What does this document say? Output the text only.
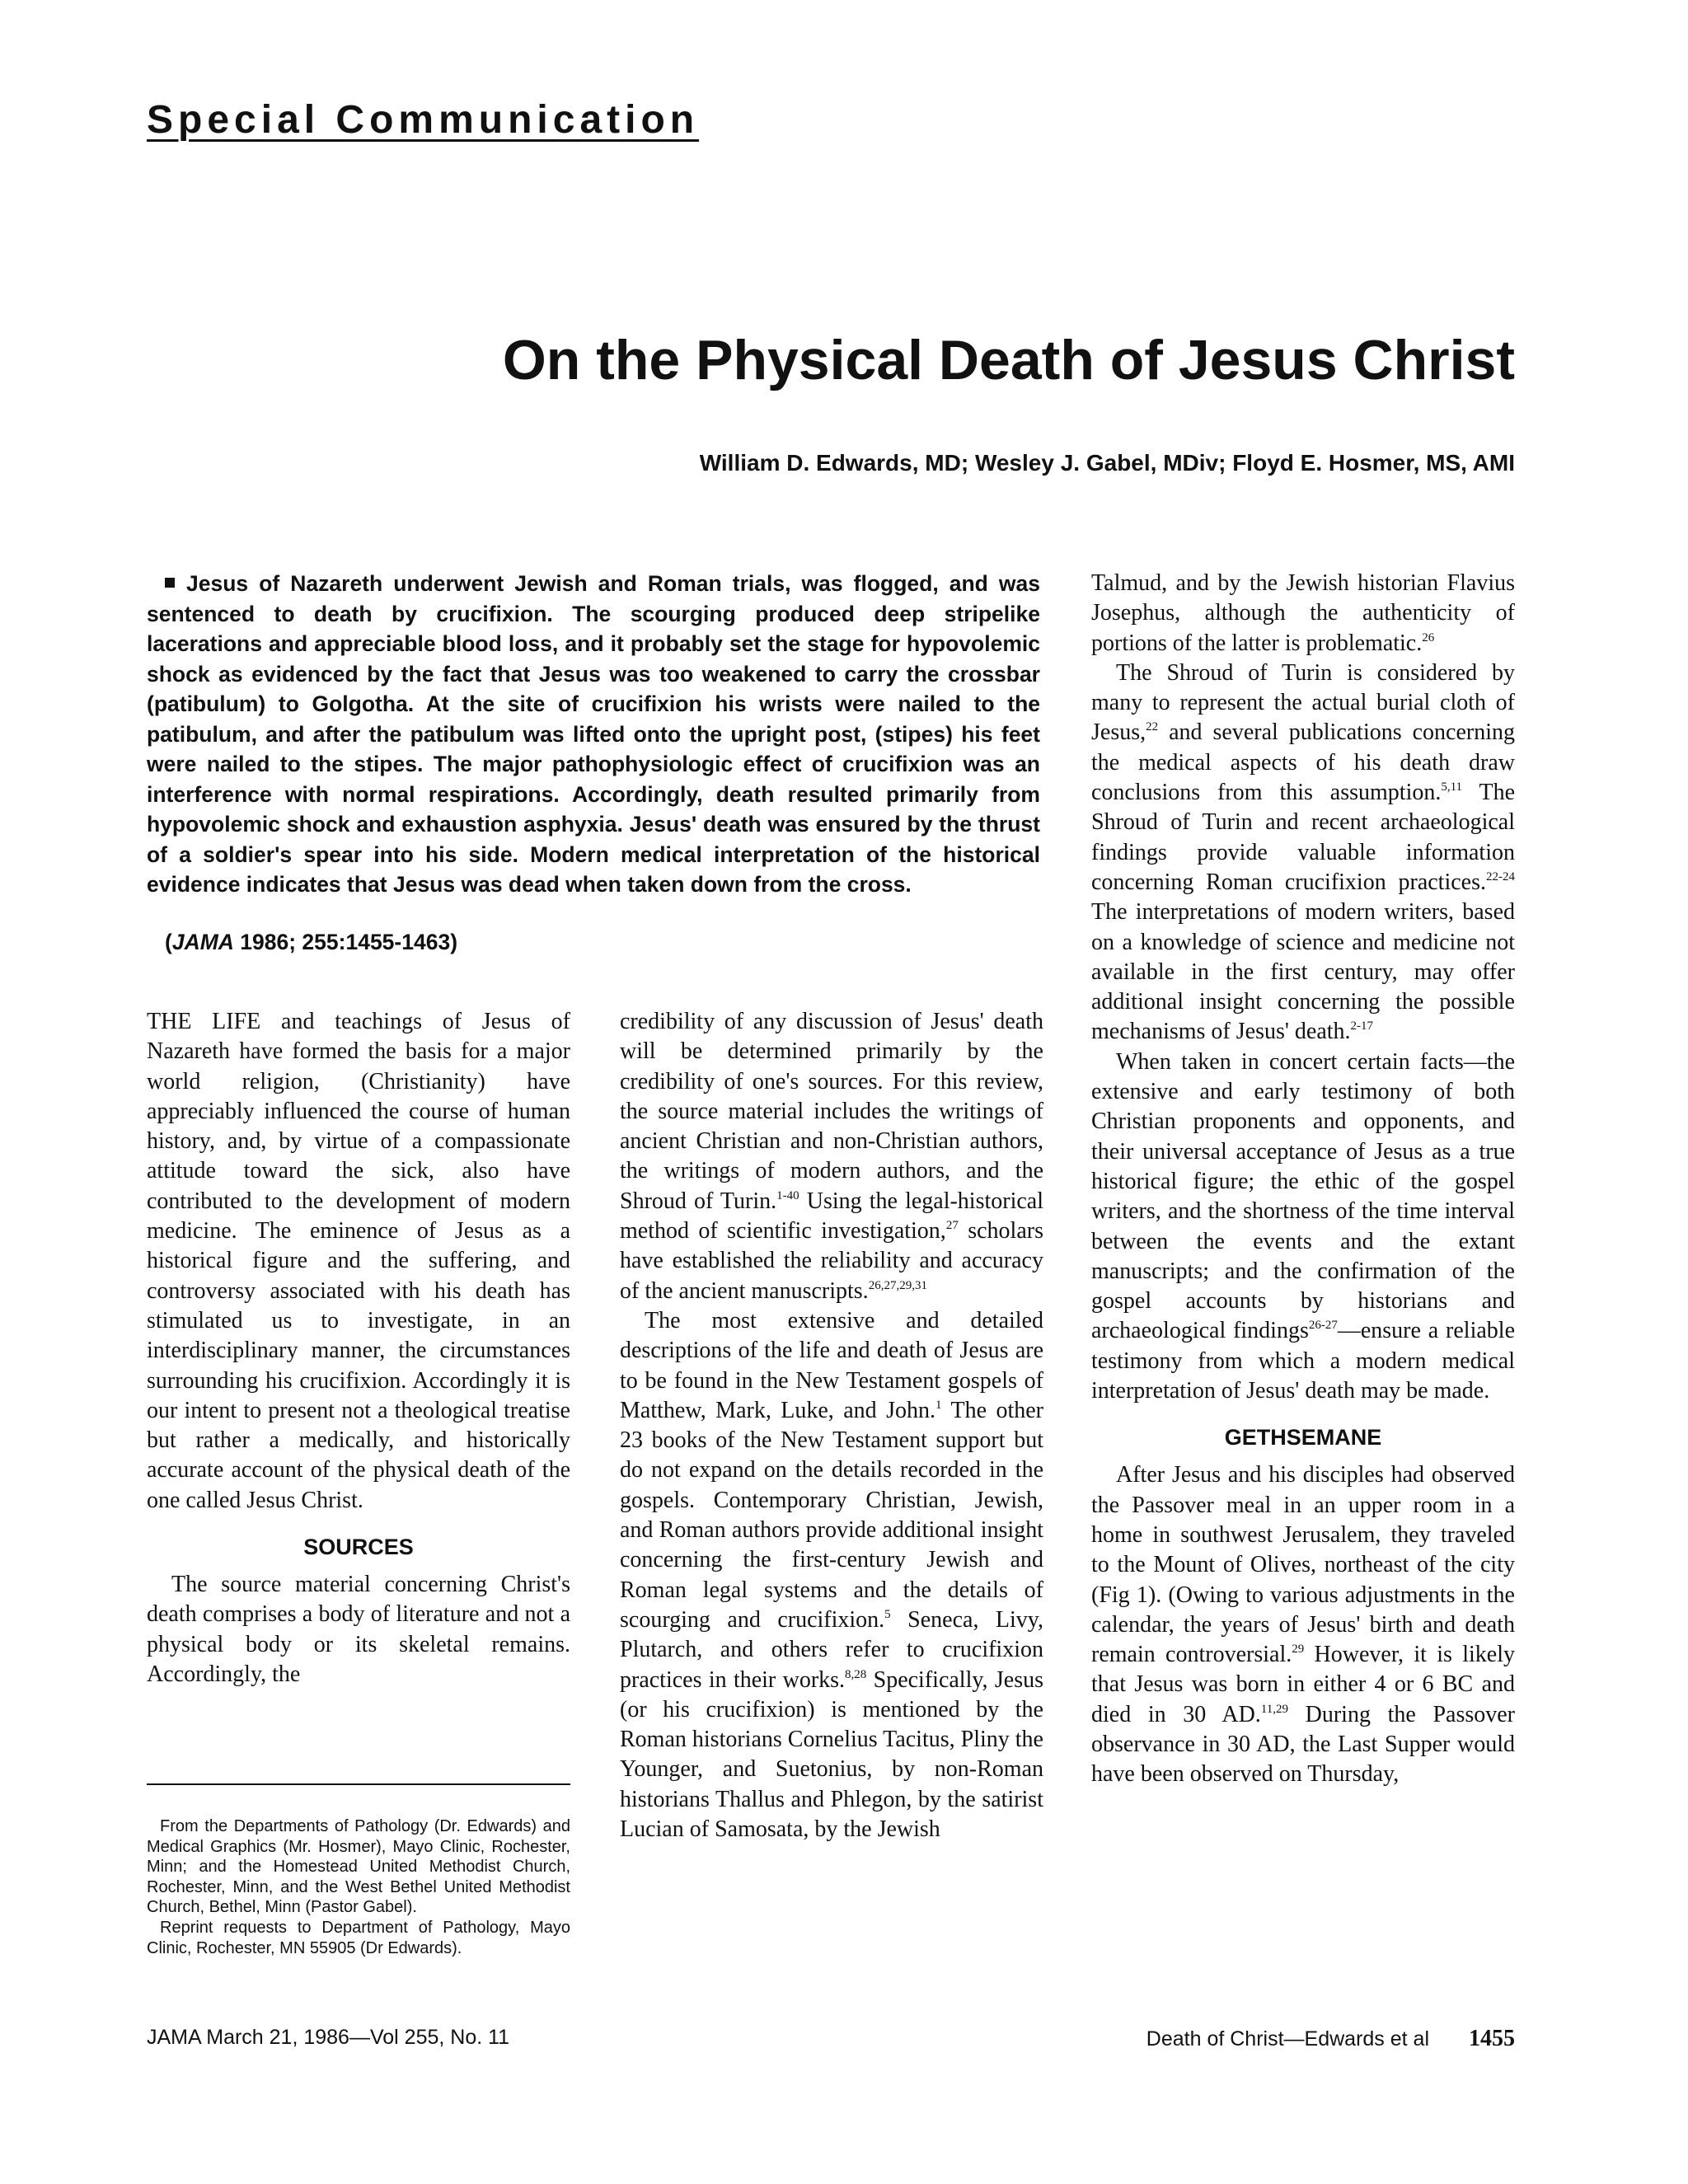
Special Communication
On the Physical Death of Jesus Christ
William D. Edwards, MD; Wesley J. Gabel, MDiv; Floyd E. Hosmer, MS, AMI
Jesus of Nazareth underwent Jewish and Roman trials, was flogged, and was sentenced to death by crucifixion. The scourging produced deep stripelike lacerations and appreciable blood loss, and it probably set the stage for hypovolemic shock as evidenced by the fact that Jesus was too weakened to carry the crossbar (patibulum) to Golgotha. At the site of crucifixion his wrists were nailed to the patibulum, and after the patibulum was lifted onto the upright post, (stipes) his feet were nailed to the stipes. The major pathophysiologic effect of crucifixion was an interference with normal respirations. Accordingly, death resulted primarily from hypovolemic shock and exhaustion asphyxia. Jesus' death was ensured by the thrust of a soldier's spear into his side. Modern medical interpretation of the historical evidence indicates that Jesus was dead when taken down from the cross.
(JAMA 1986; 255:1455-1463)

THE LIFE and teachings of Jesus of Nazareth have formed the basis for a major world religion, (Christianity) have appreciably influenced the course of human history, and, by virtue of a compassionate attitude toward the sick, also have contributed to the development of modern medicine. The eminence of Jesus as a historical figure and the suffering, and controversy associated with his death has stimulated us to investigate, in an interdisciplinary manner, the circumstances surrounding his crucifixion. Accordingly it is our intent to present not a theological treatise but rather a medically, and historically accurate account of the physical death of the one called Jesus Christ.

SOURCES

The source material concerning Christ's death comprises a body of literature and not a physical body or its skeletal remains. Accordingly, the

credibility of any discussion of Jesus' death will be determined primarily by the credibility of one's sources. For this review, the source material includes the writings of ancient Christian and non-Christian authors, the writings of modern authors, and the Shroud of Turin.$^{1-40}$ Using the legal-historical method of scientific investigation,$^{27}$ scholars have established the reliability and accuracy of the ancient manuscripts.$^{26,27,29,31}$

The most extensive and detailed descriptions of the life and death of Jesus are to be found in the New Testament gospels of Matthew, Mark, Luke, and John.$^1$ The other 23 books of the New Testament support but do not expand on the details recorded in the gospels. Contemporary Christian, Jewish, and Roman authors provide additional insight concerning the first-century Jewish and Roman legal systems and the details of scourging and crucifixion.$^5$ Seneca, Livy, Plutarch, and others refer to crucifixion practices in their works.$^{8,28}$ Specifically, Jesus (or his crucifixion) is mentioned by the Roman historians Cornelius Tacitus, Pliny the Younger, and Suetonius, by non-Roman historians Thallus and Phlegon, by the satirist Lucian of Samosata, by the Jewish

Talmud, and by the Jewish historian Flavius Josephus, although the authenticity of portions of the latter is problematic.$^{26}$

The Shroud of Turin is considered by many to represent the actual burial cloth of Jesus,$^{22}$ and several publications concerning the medical aspects of his death draw conclusions from this assumption.$^{5,11}$ The Shroud of Turin and recent archaeological findings provide valuable information concerning Roman crucifixion practices.$^{22-24}$ The interpretations of modern writers, based on a knowledge of science and medicine not available in the first century, may offer additional insight concerning the possible mechanisms of Jesus' death.$^{2-17}$

When taken in concert certain facts—the extensive and early testimony of both Christian proponents and opponents, and their universal acceptance of Jesus as a true historical figure; the ethic of the gospel writers, and the shortness of the time interval between the events and the extant manuscripts; and the confirmation of the gospel accounts by historians and archaeological findings$^{26-27}$—ensure a reliable testimony from which a modern medical interpretation of Jesus' death may be made.

GETHSEMANE

After Jesus and his disciples had observed the Passover meal in an upper room in a home in southwest Jerusalem, they traveled to the Mount of Olives, northeast of the city (Fig 1). (Owing to various adjustments in the calendar, the years of Jesus' birth and death remain controversial.$^{29}$ However, it is likely that Jesus was born in either 4 or 6 BC and died in 30 AD.$^{11,29}$ During the Passover observance in 30 AD, the Last Supper would have been observed on Thursday,

From the Departments of Pathology (Dr. Edwards) and Medical Graphics (Mr. Hosmer), Mayo Clinic, Rochester, Minn; and the Homestead United Methodist Church, Rochester, Minn, and the West Bethel United Methodist Church, Bethel, Minn (Pastor Gabel).

Reprint requests to Department of Pathology, Mayo Clinic, Rochester, MN 55905 (Dr Edwards).

JAMA March 21, 1986—Vol 255, No. 11	Death of Christ—Edwards et al 1455
